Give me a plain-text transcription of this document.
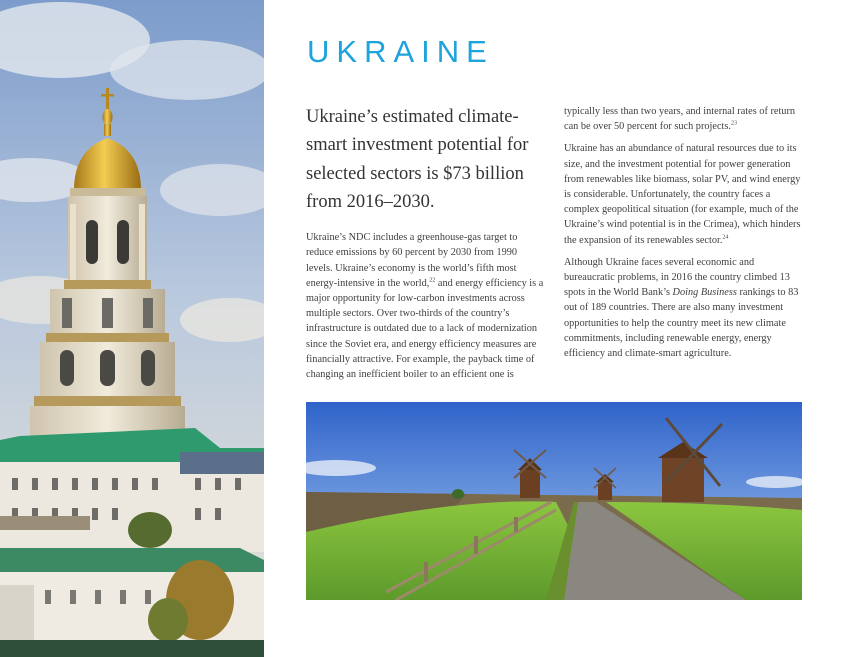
UKRAINE

Ukraine’s estimated climate-smart investment potential for selected sectors is $73 billion from 2016–2030.

Ukraine’s NDC includes a greenhouse-gas target to reduce emissions by 60 percent by 2030 from 1990 levels. Ukraine’s economy is the world’s fifth most energy-intensive in the world,$^{22}$ and energy efficiency is a major opportunity for low-carbon investments across multiple sectors. Over two-thirds of the country’s infrastructure is outdated due to a lack of modernization since the Soviet era, and energy efficiency measures are financially attractive. For example, the payback time of changing an inefficient boiler to an efficient one is

typically less than two years, and internal rates of return can be over 50 percent for such projects.$^{23}$

Ukraine has an abundance of natural resources due to its size, and the investment potential for power generation from renewables like biomass, solar PV, and wind energy is considerable. Unfortunately, the country faces a complex geopolitical situation (for example, much of the Ukraine’s wind potential is in the Crimea), which hinders the expansion of its renewables sector.$^{24}$

Although Ukraine faces several economic and bureaucratic problems, in 2016 the country climbed 13 spots in the World Bank’s Doing Business rankings to 83 out of 189 countries. There are also many investment opportunities to help the country meet its new climate commitments, including renewable energy, energy efficiency and climate-smart agriculture.
